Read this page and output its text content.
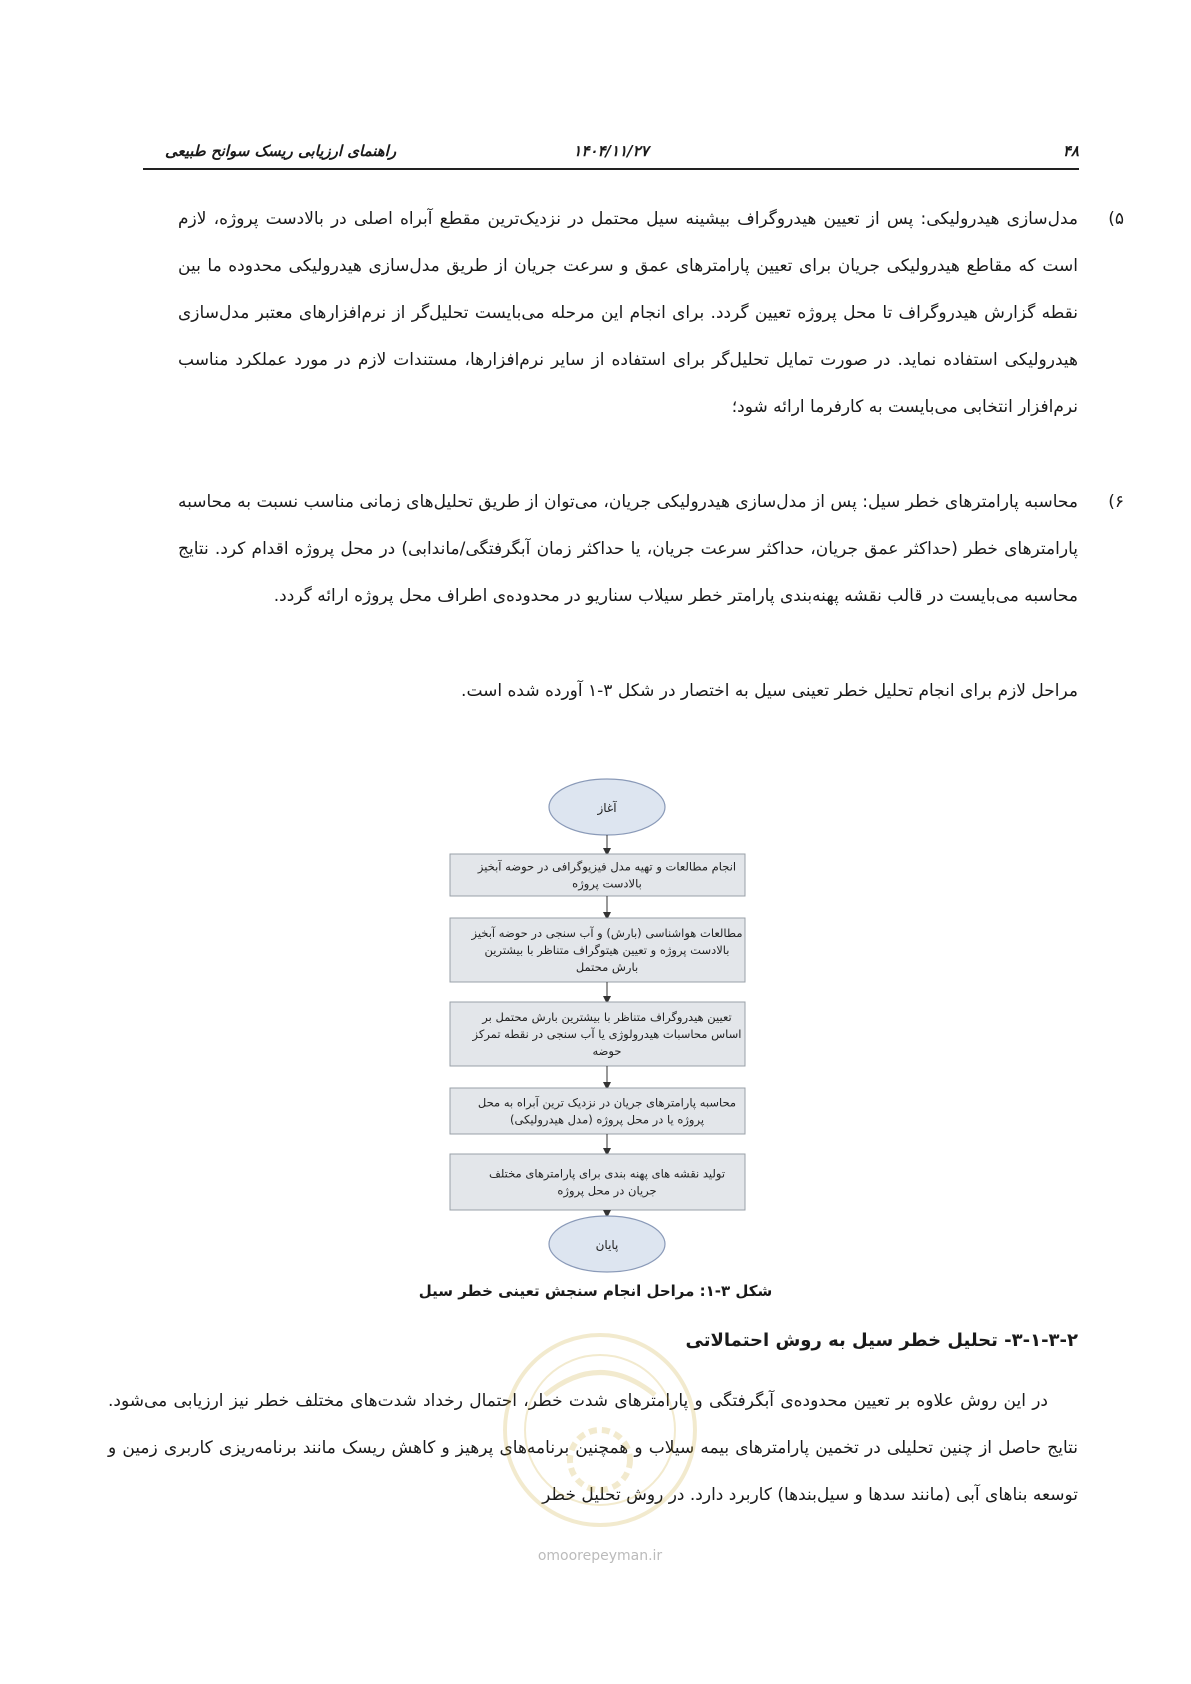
۴۸
۱۴۰۴/۱۱/۲۷
راهنمای ارزیابی ریسک سوانح طبیعی
۵)
مدل‌سازی هیدرولیکی: پس از تعیین هیدروگراف بیشینه سیل محتمل در نزدیک‌ترین مقطع آبراه اصلی در بالادست پروژه، لازم است که مقاطع هیدرولیکی جریان برای تعیین پارامترهای عمق و سرعت جریان از طریق مدل‌سازی هیدرولیکی محدوده ما بین نقطه گزارش هیدروگراف تا محل پروژه تعیین گردد. برای انجام این مرحله می‌بایست تحلیل‌گر از نرم‌افزارهای معتبر مدل‌سازی هیدرولیکی استفاده نماید. در صورت تمایل تحلیل‌گر برای استفاده از سایر نرم‌افزارها، مستندات لازم در مورد عملکرد مناسب نرم‌افزار انتخابی می‌بایست به کارفرما ارائه شود؛
۶)
محاسبه پارامترهای خطر سیل: پس از مدل‌سازی هیدرولیکی جریان، می‌توان از طریق تحلیل‌های زمانی مناسب نسبت به محاسبه پارامترهای خطر (حداکثر عمق جریان، حداکثر سرعت جریان، یا حداکثر زمان آبگرفتگی/ماندابی) در محل پروژه اقدام کرد. نتایج محاسبه می‌بایست در قالب نقشه پهنه‌بندی پارامتر خطر سیلاب سناریو در محدوده‌ی اطراف محل پروژه ارائه گردد.
مراحل لازم برای انجام تحلیل خطر تعینی سیل به اختصار در شکل ۳-۱ آورده شده است.
آغاز
انجام مطالعات و تهیه مدل فیزیوگرافی در حوضه آبخیز
بالادست پروژه
مطالعات هواشناسی (بارش) و آب سنجی در حوضه آبخیز
بالادست پروژه و تعیین هیتوگراف متناظر با بیشترین
بارش محتمل
تعیین هیدروگراف متناظر با بیشترین بارش محتمل بر
اساس محاسبات هیدرولوژی یا آب سنجی در نقطه تمرکز
حوضه
محاسبه پارامترهای جریان در نزدیک ترین آبراه به محل
پروژه یا در محل پروژه (مدل هیدرولیکی)
تولید نقشه های پهنه بندی برای پارامترهای مختلف
جریان در محل پروژه
پایان
شکل ۳-۱: مراحل انجام سنجش تعینی خطر سیل
۳-۱-۳-۲- تحلیل خطر سیل به روش احتمالاتی
در این روش علاوه بر تعیین محدوده‌ی آبگرفتگی و پارامترهای شدت خطر، احتمال رخداد شدت‌های مختلف خطر نیز ارزیابی می‌شود. نتایج حاصل از چنین تحلیلی در تخمین پارامترهای بیمه سیلاب و همچنین برنامه‌های پرهیز و کاهش ریسک مانند برنامه‌ریزی کاربری زمین و توسعه بناهای آبی (مانند سدها و سیل‌بندها) کاربرد دارد. در روش تحلیل خطر
omoorepeyman.ir
